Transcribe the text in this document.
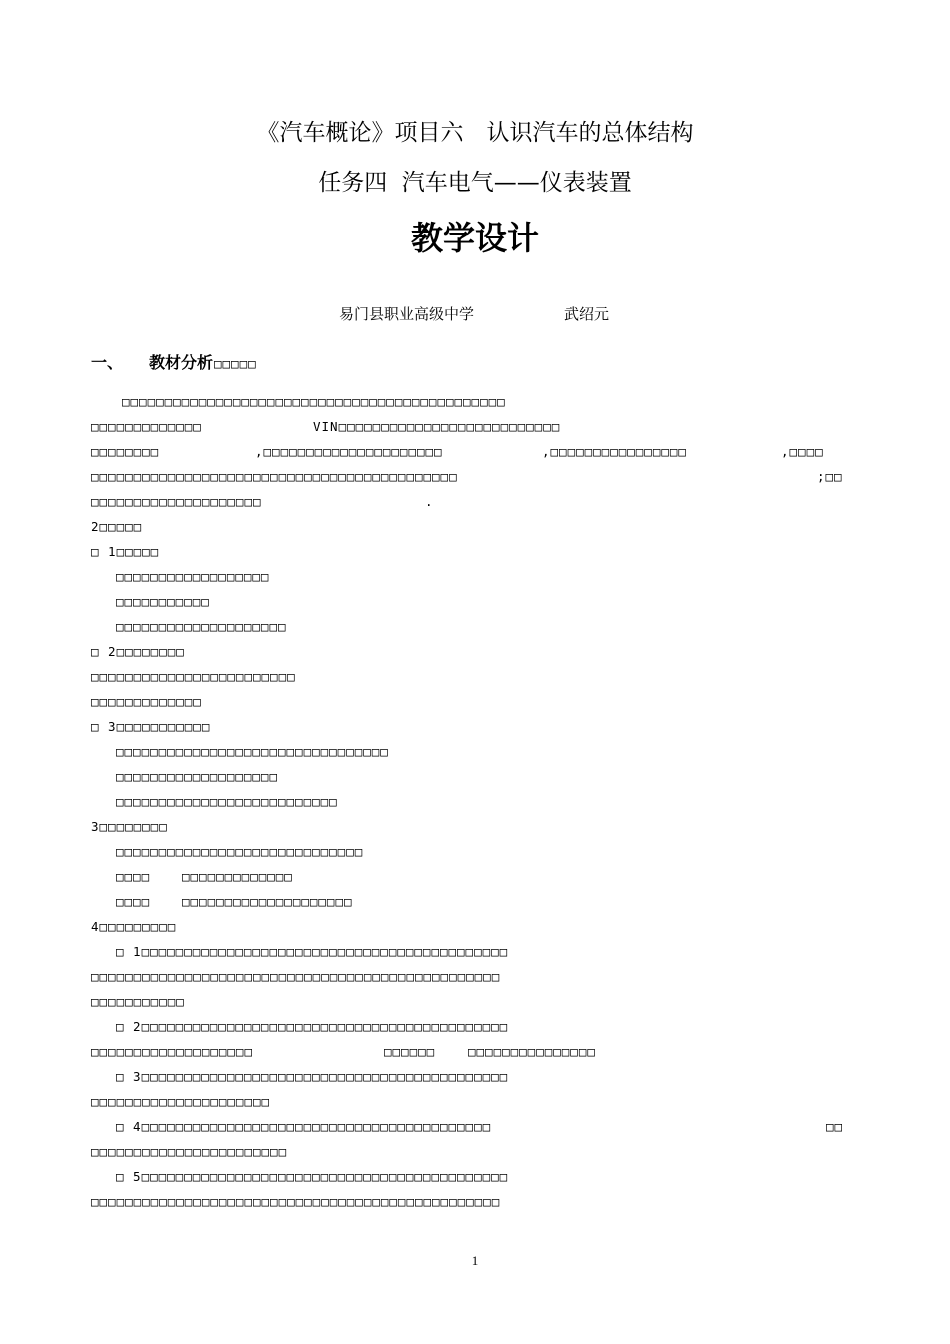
《汽车概论》项目六　认识汽车的总体结构
任务四  汽车电气——仪表装置
教学设计
易门县职业高级中学	武绍元
一、 教材分析 □□□□□
□□□□□□□□□□□□□□□□□□□□□□□□□□□□□□□□□□□□□□□□□□□□□
□□□□□□□□□□□□□	VIN□□□□□□□□□□□□□□□□□□□□□□□□□□
□□□□□□□□	,□□□□□□□□□□□□□□□□□□□□□	,□□□□□□□□□□□□□□□□	,□□□□
□□□□□□□□□□□□□□□□□□□□□□□□□□□□□□□□□□□□□□□□□□□	;□□
□□□□□□□□□□□□□□□□□□□□	.
2□□□□□
□ 1□□□□□
□□□□□□□□□□□□□□□□□□
□□□□□□□□□□□
□□□□□□□□□□□□□□□□□□□□
□ 2□□□□□□□□
□□□□□□□□□□□□□□□□□□□□□□□□
□□□□□□□□□□□□□
□ 3□□□□□□□□□□□
□□□□□□□□□□□□□□□□□□□□□□□□□□□□□□□□
□□□□□□□□□□□□□□□□□□□
□□□□□□□□□□□□□□□□□□□□□□□□□□
3□□□□□□□□
□□□□□□□□□□□□□□□□□□□□□□□□□□□□□
□□□□	□□□□□□□□□□□□□
□□□□	□□□□□□□□□□□□□□□□□□□□
4□□□□□□□□□
□ 1□□□□□□□□□□□□□□□□□□□□□□□□□□□□□□□□□□□□□□□□□□□
□□□□□□□□□□□□□□□□□□□□□□□□□□□□□□□□□□□□□□□□□□□□□□□□
□□□□□□□□□□□
□ 2□□□□□□□□□□□□□□□□□□□□□□□□□□□□□□□□□□□□□□□□□□□
□□□□□□□□□□□□□□□□□□□	□□□□□□	□□□□□□□□□□□□□□□
□ 3□□□□□□□□□□□□□□□□□□□□□□□□□□□□□□□□□□□□□□□□□□□
□□□□□□□□□□□□□□□□□□□□□
□ 4□□□□□□□□□□□□□□□□□□□□□□□□□□□□□□□□□□□□□□□□□	□□
□□□□□□□□□□□□□□□□□□□□□□□
□ 5□□□□□□□□□□□□□□□□□□□□□□□□□□□□□□□□□□□□□□□□□□□
□□□□□□□□□□□□□□□□□□□□□□□□□□□□□□□□□□□□□□□□□□□□□□□□
1
